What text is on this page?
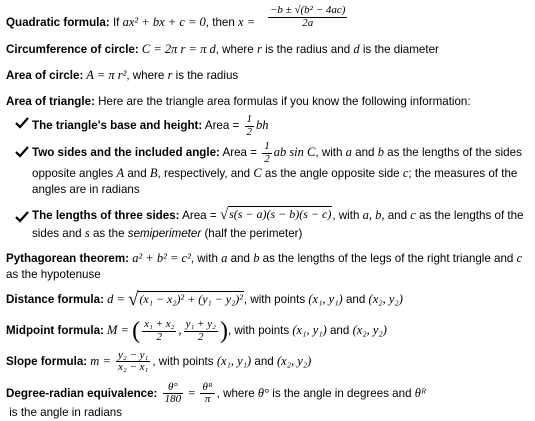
Quadratic formula: If ax² + bx + c = 0, then $x = \frac{\text{−b ± √(b² − 4ac)}}{2a}$
Circumference of circle: C = 2π r = π d, where r is the radius and d is the diameter
Area of circle: A = π r², where r is the radius
Area of triangle: Here are the triangle area formulas if you know the following information:
The triangle's base and height: Area = $\frac{1}{2}$ bh
Two sides and the included angle: Area = $\frac{1}{2}$ ab sin C, with a and b as the lengths of the sides opposite angles A and B, respectively, and C as the angle opposite side c; the measures of the angles are in radians
The lengths of three sides: Area = √s(s − a)(s − b)(s − c), with a, b, and c as the lengths of the sides and s as the semiperimeter (half the perimeter)
Pythagorean theorem: a² + b² = c², with a and b as the lengths of the legs of the right triangle and c as the hypotenuse
Distance formula: d = √(x₁ − x₂)² + (y₁ − y₂)², with points (x₁, y₁) and (x₂, y₂)
Midpoint formula: M = ( $\frac{\text{x₁ + x₂}}{2}$ , $\frac{\text{y₁ + y₂}}{2}$ ), with points (x₁, y₁) and (x₂, y₂)
Slope formula: $m = \frac{\text{y₂ − y₁}}{\text{x₂ − x₁}}$ , with points (x₁, y₁) and (x₂, y₂)
Degree-radian equivalence: $\frac{\theta^\circ}{180} = \frac{\text{θᴿ}}{\pi}$ , where θ° is the angle in degrees and θᴿ is the angle in radians
